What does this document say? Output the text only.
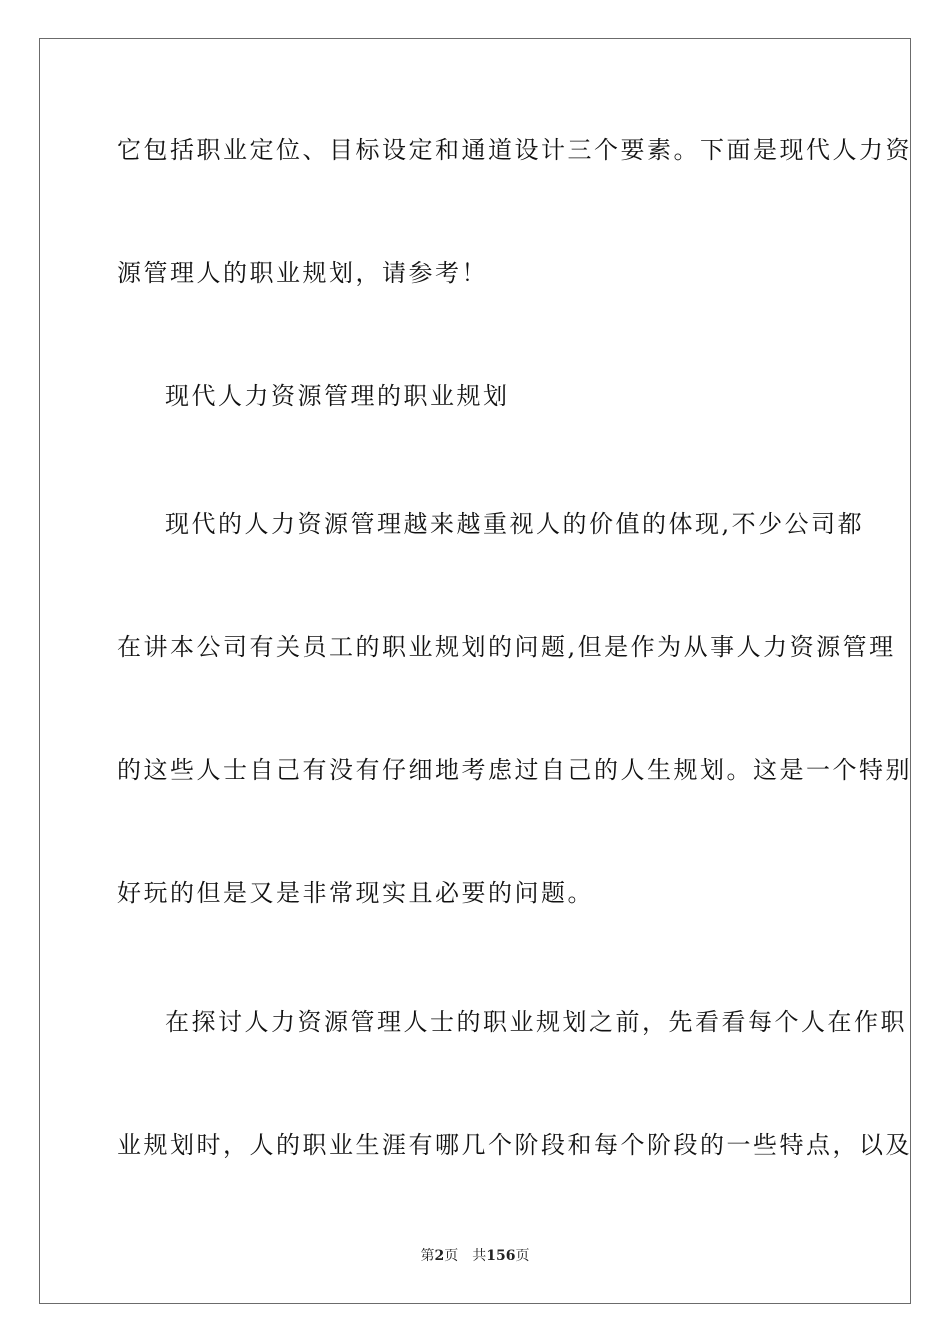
它包括职业定位、目标设定和通道设计三个要素。下面是现代人力资
源管理人的职业规划，请参考！
现代人力资源管理的职业规划
现代的人力资源管理越来越重视人的价值的体现,不少公司都
在讲本公司有关员工的职业规划的问题,但是作为从事人力资源管理
的这些人士自己有没有仔细地考虑过自己的人生规划。这是一个特别
好玩的但是又是非常现实且必要的问题。
在探讨人力资源管理人士的职业规划之前，先看看每个人在作职
业规划时，人的职业生涯有哪几个阶段和每个阶段的一些特点，以及
第2页 共156页
